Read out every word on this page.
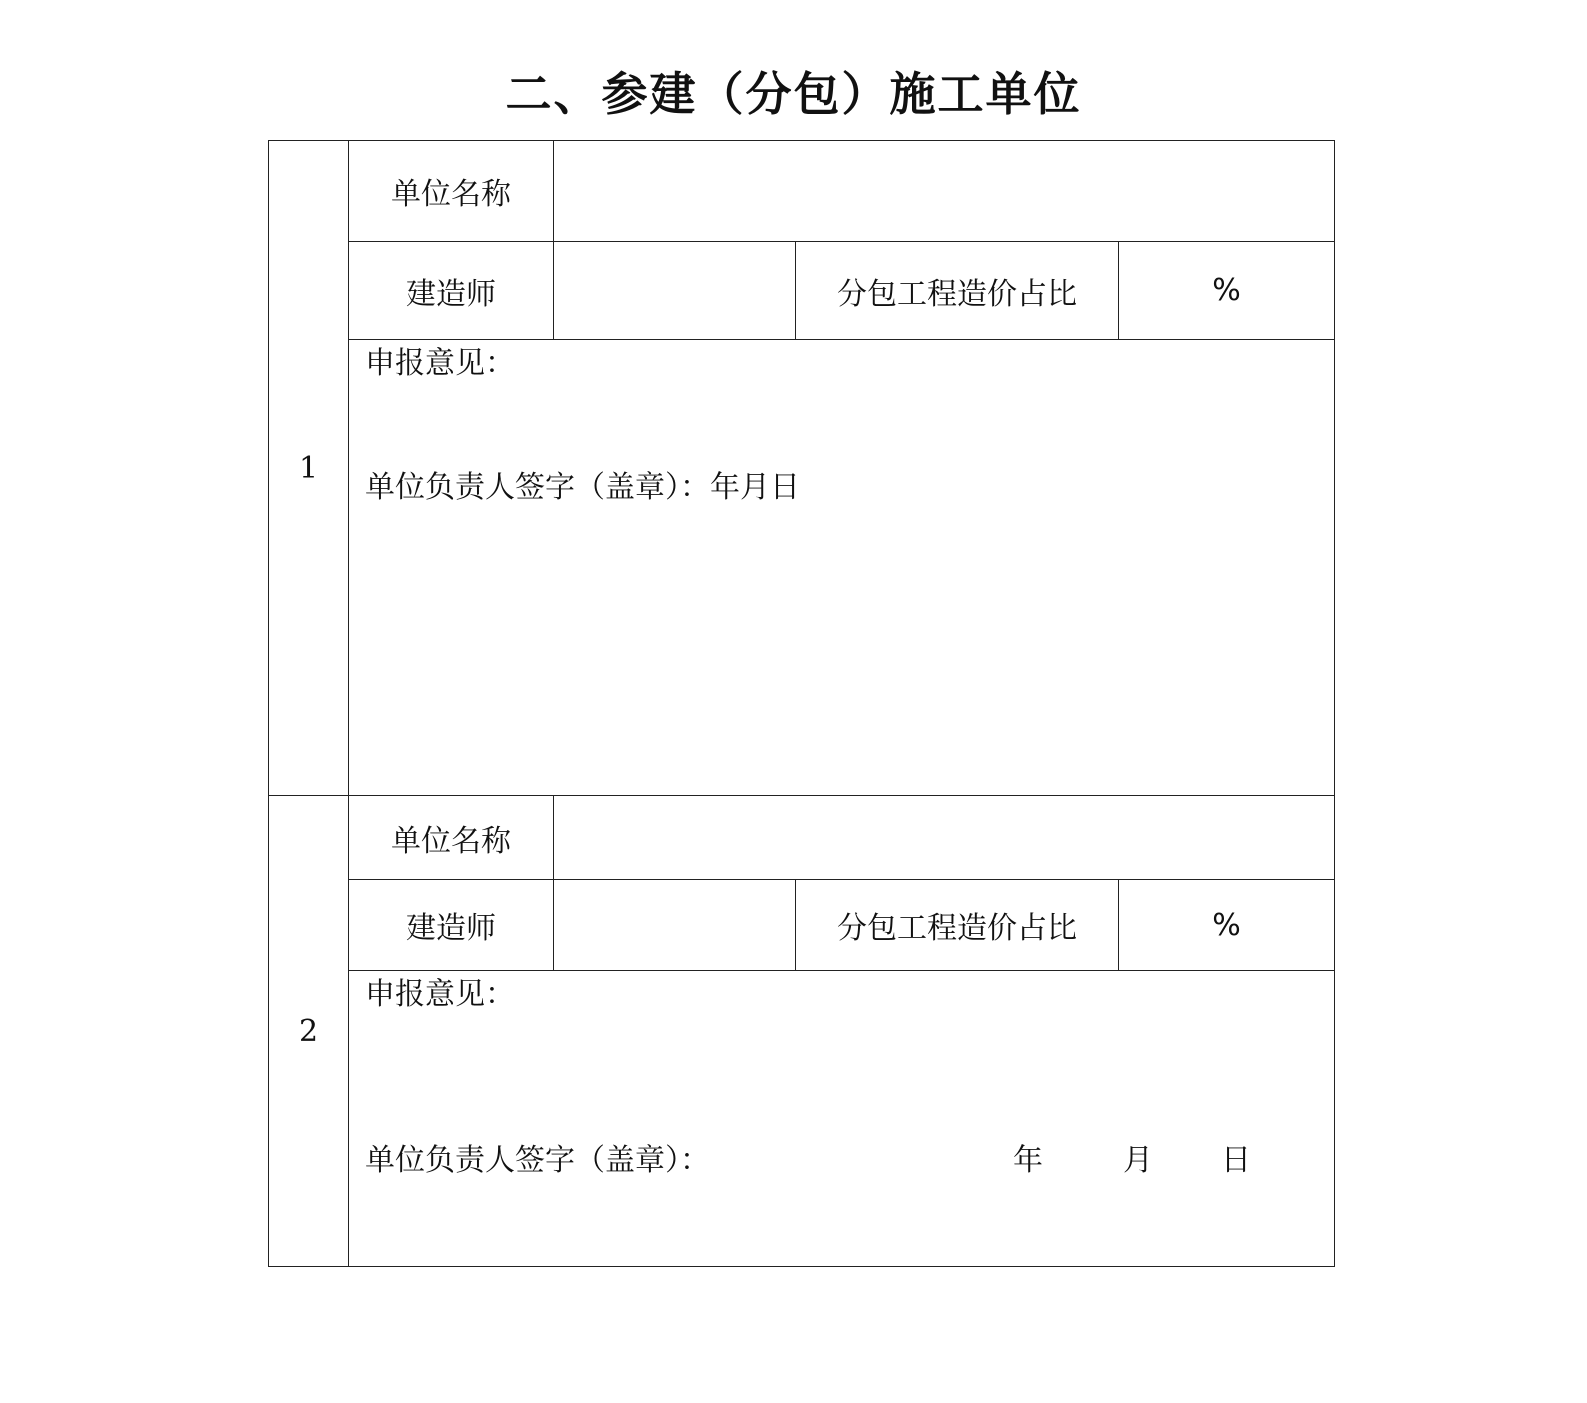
二、参建（分包）施工单位
1	单位名称			
	建造师		分包工程造价占比	%

	申报意见：
单位负责人签字（盖章）：年月日			

2	单位名称			
	建造师		分包工程造价占比	%

	申报意见：
单位负责人签字（盖章）： 年 月 日			
